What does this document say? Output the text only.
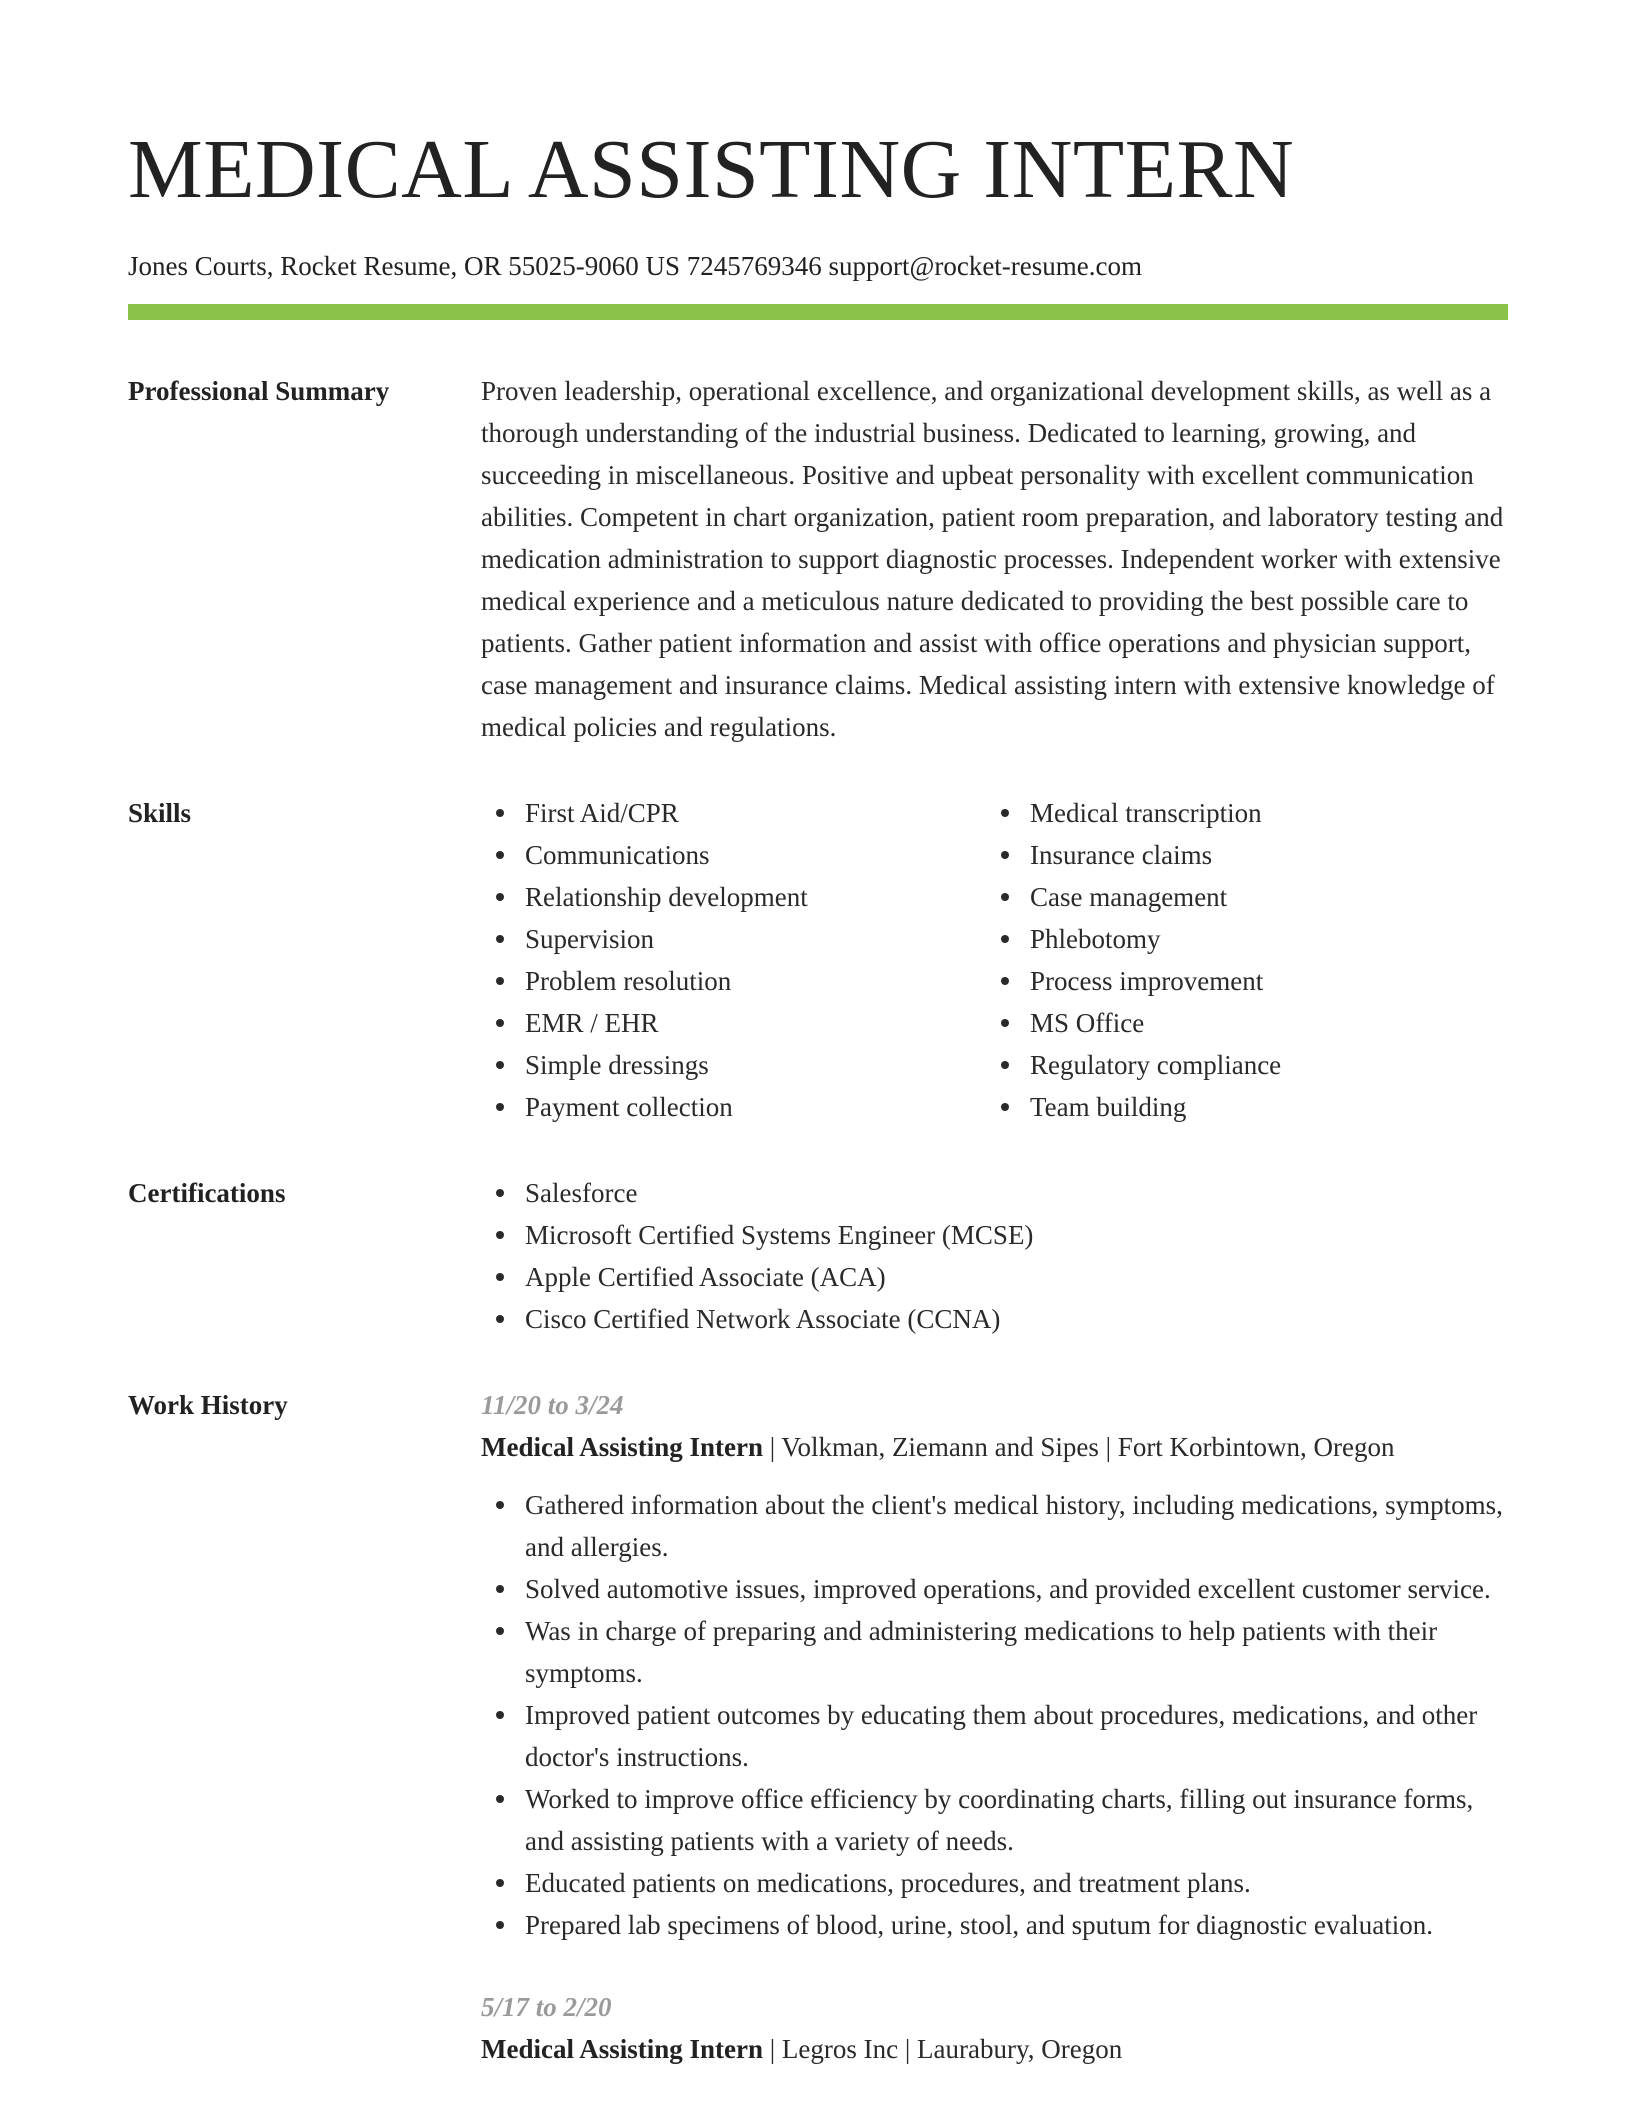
MEDICAL ASSISTING INTERN
Jones Courts, Rocket Resume, OR 55025-9060 US 7245769346 support@rocket-resume.com
Professional Summary	Proven leadership, operational excellence, and organizational development skills, as well as a thorough understanding of the industrial business. Dedicated to learning, growing, and succeeding in miscellaneous. Positive and upbeat personality with excellent communication abilities. Competent in chart organization, patient room preparation, and laboratory testing and medication administration to support diagnostic processes. Independent worker with extensive medical experience and a meticulous nature dedicated to providing the best possible care to patients. Gather patient information and assist with office operations and physician support, case management and insurance claims. Medical assisting intern with extensive knowledge of medical policies and regulations.

Skills	First Aid/CPR
Communications
Relationship development
Supervision
Problem resolution
EMR / EHR
Simple dressings
Payment collection
Medical transcription
Insurance claims
Case management
Phlebotomy
Process improvement
MS Office
Regulatory compliance
Team building
Certifications	Salesforce
Microsoft Certified Systems Engineer (MCSE)
Apple Certified Associate (ACA)
Cisco Certified Network Associate (CCNA)
Work History	11/20 to 3/24
Medical Assisting Intern | Volkman, Ziemann and Sipes | Fort Korbintown, Oregon
Gathered information about the client's medical history, including medications, symptoms, and allergies.
Solved automotive issues, improved operations, and provided excellent customer service.
Was in charge of preparing and administering medications to help patients with their symptoms.
Improved patient outcomes by educating them about procedures, medications, and other doctor's instructions.
Worked to improve office efficiency by coordinating charts, filling out insurance forms, and assisting patients with a variety of needs.
Educated patients on medications, procedures, and treatment plans.
Prepared lab specimens of blood, urine, stool, and sputum for diagnostic evaluation.
5/17 to 2/20
Medical Assisting Intern | Legros Inc | Laurabury, Oregon
